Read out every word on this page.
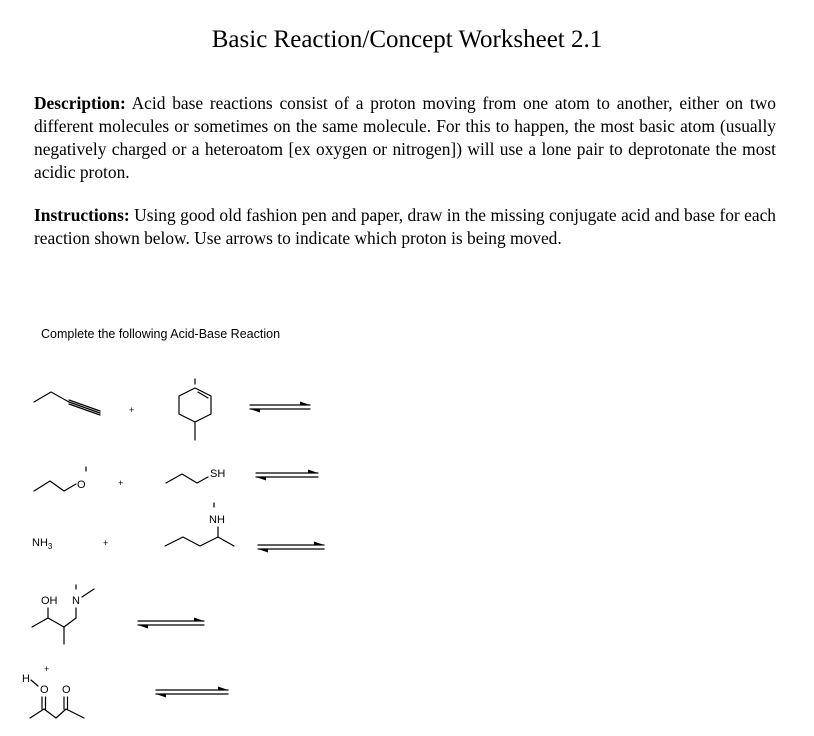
Basic Reaction/Concept Worksheet 2.1

Description: Acid base reactions consist of a proton moving from one atom to another, either on two different molecules or sometimes on the same molecule. For this to happen, the most basic atom (usually negatively charged or a heteroatom [ex oxygen or nitrogen]) will use a lone pair to deprotonate the most acidic proton.

Instructions: Using good old fashion pen and paper, draw in the missing conjugate acid and base for each reaction shown below. Use arrows to indicate which proton is being moved.

Complete the following Acid-Base Reaction
+
O	+
SH
$NH_3$	+
NH
OH N
H
O
+
O
